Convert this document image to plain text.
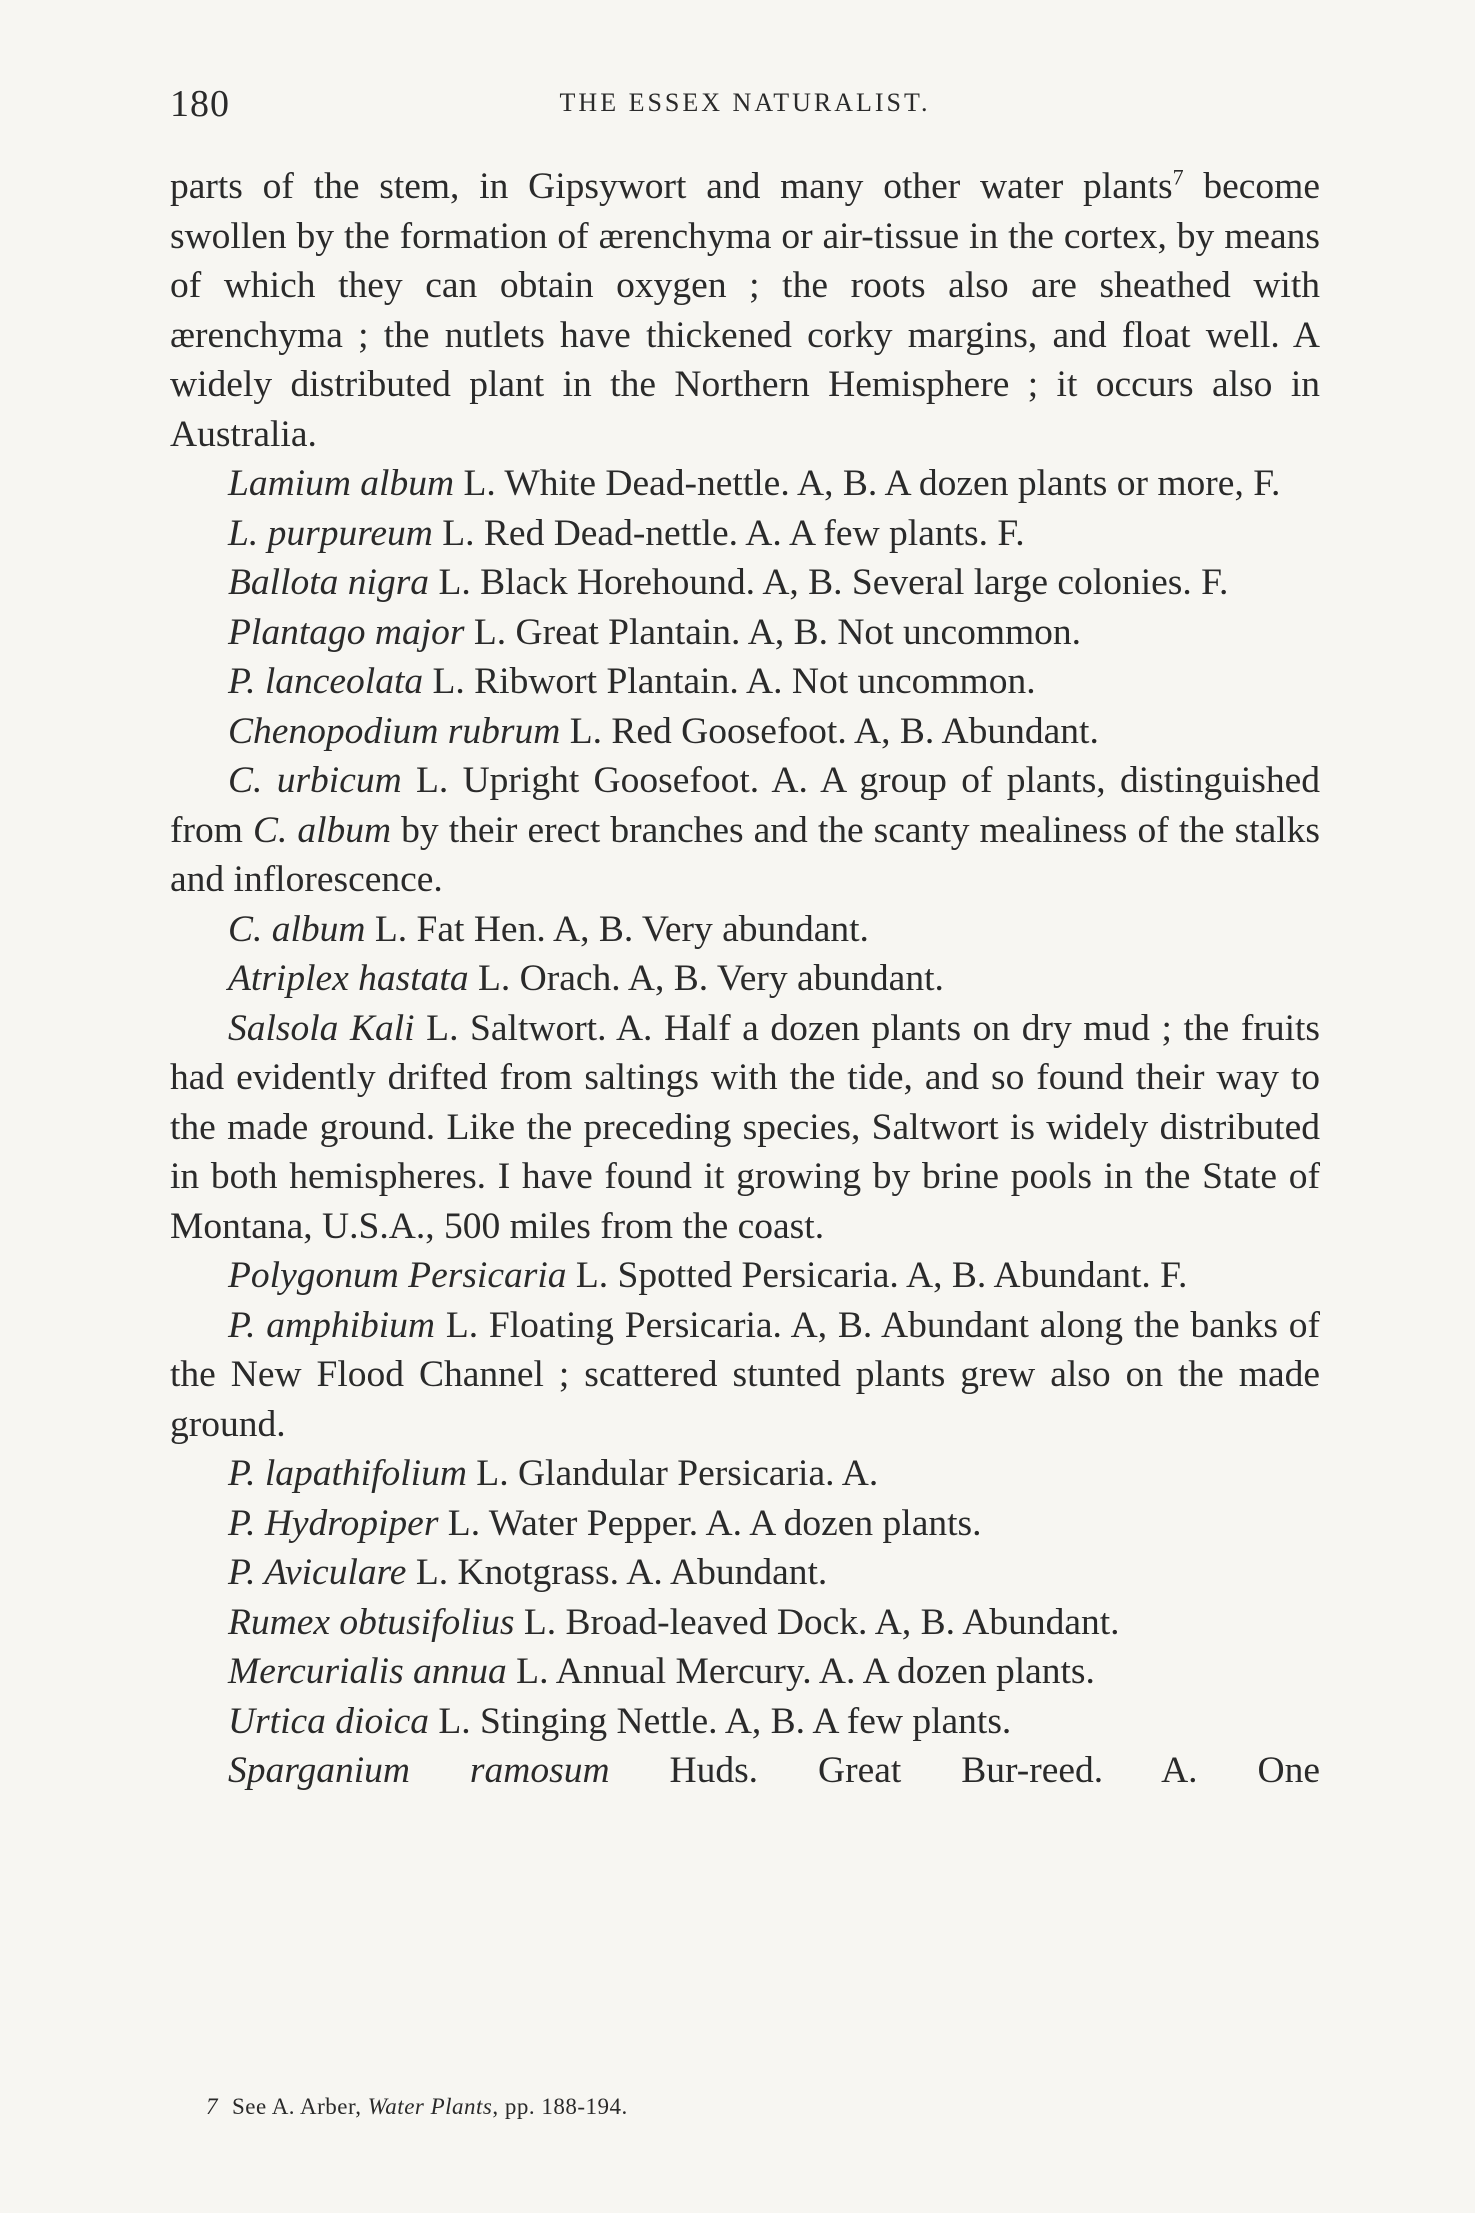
180	THE ESSEX NATURALIST.

parts of the stem, in Gipsywort and many other water plants$^7$ become swollen by the formation of ærenchyma or air-tissue in the cortex, by means of which they can obtain oxygen ; the roots also are sheathed with ærenchyma ; the nutlets have thickened corky margins, and float well. A widely distributed plant in the Northern Hemisphere ; it occurs also in Australia.

Lamium album L. White Dead-nettle. A, B. A dozen plants or more, F.

L. purpureum L. Red Dead-nettle. A. A few plants. F.

Ballota nigra L. Black Horehound. A, B. Several large colonies. F.

Plantago major L. Great Plantain. A, B. Not uncommon.

P. lanceolata L. Ribwort Plantain. A. Not uncommon.

Chenopodium rubrum L. Red Goosefoot. A, B. Abundant.

C. urbicum L. Upright Goosefoot. A. A group of plants, distinguished from C. album by their erect branches and the scanty mealiness of the stalks and inflorescence.

C. album L. Fat Hen. A, B. Very abundant.

Atriplex hastata L. Orach. A, B. Very abundant.

Salsola Kali L. Saltwort. A. Half a dozen plants on dry mud ; the fruits had evidently drifted from saltings with the tide, and so found their way to the made ground. Like the preceding species, Saltwort is widely distributed in both hemispheres. I have found it growing by brine pools in the State of Montana, U.S.A., 500 miles from the coast.

Polygonum Persicaria L. Spotted Persicaria. A, B. Abundant. F.

P. amphibium L. Floating Persicaria. A, B. Abundant along the banks of the New Flood Channel ; scattered stunted plants grew also on the made ground.

P. lapathifolium L. Glandular Persicaria. A.

P. Hydropiper L. Water Pepper. A. A dozen plants.

P. Aviculare L. Knotgrass. A. Abundant.

Rumex obtusifolius L. Broad-leaved Dock. A, B. Abundant.

Mercurialis annua L. Annual Mercury. A. A dozen plants.

Urtica dioica L. Stinging Nettle. A, B. A few plants.

Sparganium ramosum Huds. Great Bur-reed. A. One

7 See A. Arber, Water Plants, pp. 188-194.
